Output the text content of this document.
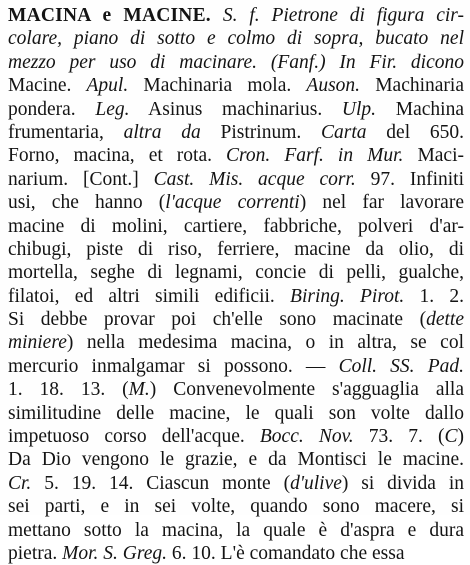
MACINA e MACINE. S. f. Pietrone di figura cir-
colare, piano di sotto e colmo di sopra, bucato nel
mezzo per uso di macinare. (Fanf.) In Fir. dicono
Macine. Apul. Machinaria mola. Auson. Machinaria
pondera. Leg. Asinus machinarius. Ulp. Machina
frumentaria, altra da Pistrinum. Carta del 650.
Forno, macina, et rota. Cron. Farf. in Mur. Maci-
narium. [Cont.] Cast. Mis. acque corr. 97. Infiniti
usi, che hanno (l'acque correnti) nel far lavorare
macine di molini, cartiere, fabbriche, polveri d'ar-
chibugi, piste di riso, ferriere, macine da olio, di
mortella, seghe di legnami, concie di pelli, gualche,
filatoi, ed altri simili edificii. Biring. Pirot. 1. 2.
Si debbe provar poi ch'elle sono macinate (dette
miniere) nella medesima macina, o in altra, se col
mercurio inmalgamar si possono. — Coll. SS. Pad.
1. 18. 13. (M.) Convenevolmente s'agguaglia alla
similitudine delle macine, le quali son volte dallo
impetuoso corso dell'acque. Bocc. Nov. 73. 7. (C)
Da Dio vengono le grazie, e da Montisci le macine.
Cr. 5. 19. 14. Ciascun monte (d'ulive) si divida in
sei parti, e in sei volte, quando sono macere, si
mettano sotto la macina, la quale è d'aspra e dura
pietra. Mor. S. Greg. 6. 10. L'è comandato che essa
